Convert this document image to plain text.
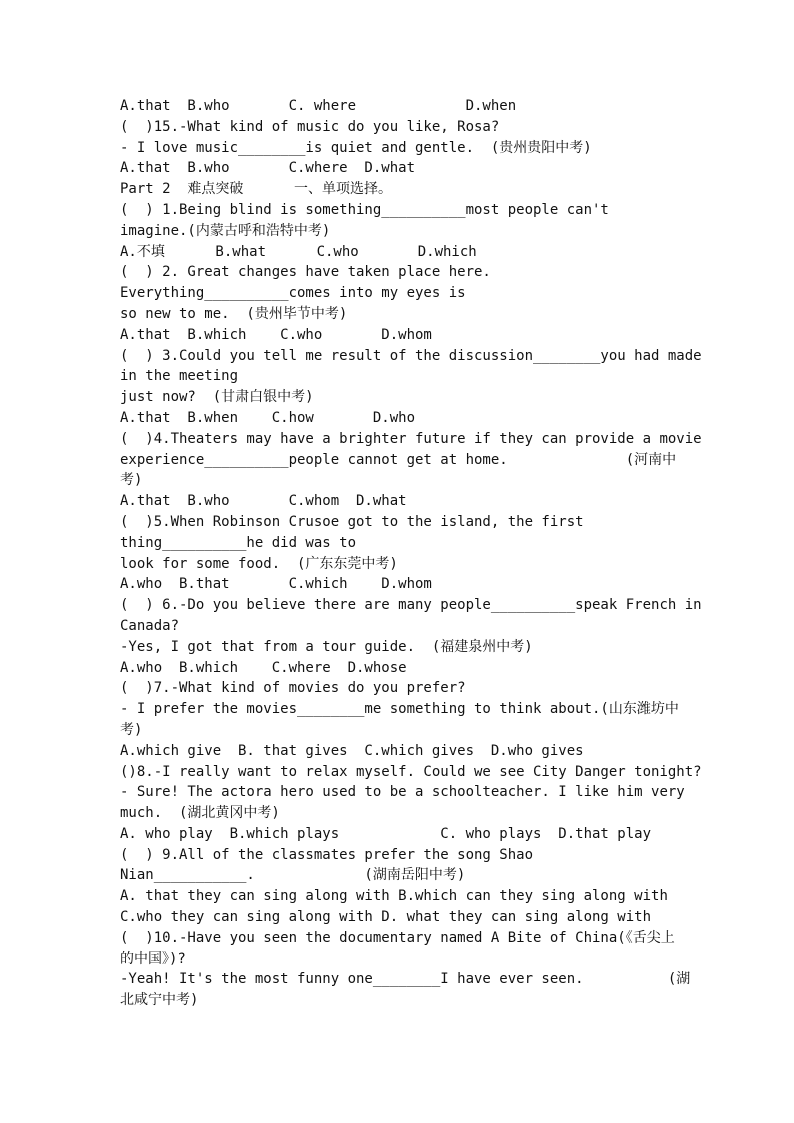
A.that  B.who       C. where             D.when
(  )15.-What kind of music do you like, Rosa?
- I love music________is quiet and gentle.  (贵州贵阳中考)
A.that  B.who       C.where  D.what
Part 2  难点突破      一、单项选择。
(  ) 1.Being blind is something__________most people can't
imagine.(内蒙古呼和浩特中考)
A.不填      B.what      C.who       D.which
(  ) 2. Great changes have taken place here.
Everything__________comes into my eyes is
so new to me.  (贵州毕节中考)
A.that  B.which    C.who       D.whom
(  ) 3.Could you tell me result of the discussion________you had made
in the meeting
just now?  (甘肃白银中考)
A.that  B.when    C.how       D.who
(  )4.Theaters may have a brighter future if they can provide a movie
experience__________people cannot get at home.              (河南中
考)
A.that  B.who       C.whom  D.what
(  )5.When Robinson Crusoe got to the island, the first
thing__________he did was to
look for some food.  (广东东莞中考)
A.who  B.that       C.which    D.whom
(  ) 6.-Do you believe there are many people__________speak French in
Canada?
-Yes, I got that from a tour guide.  (福建泉州中考)
A.who  B.which    C.where  D.whose
(  )7.-What kind of movies do you prefer?
- I prefer the movies________me something to think about.(山东潍坊中
考)
A.which give  B. that gives  C.which gives  D.who gives
()8.-I really want to relax myself. Could we see City Danger tonight?
- Sure! The actora hero used to be a schoolteacher. I like him very
much.  (湖北黄冈中考)
A. who play  B.which plays            C. who plays  D.that play
(  ) 9.All of the classmates prefer the song Shao
Nian___________.             (湖南岳阳中考)
A. that they can sing along with B.which can they sing along with
C.who they can sing along with D. what they can sing along with
(  )10.-Have you seen the documentary named A Bite of China(《舌尖上
的中国》)?
-Yeah! It's the most funny one________I have ever seen.          (湖
北咸宁中考)
